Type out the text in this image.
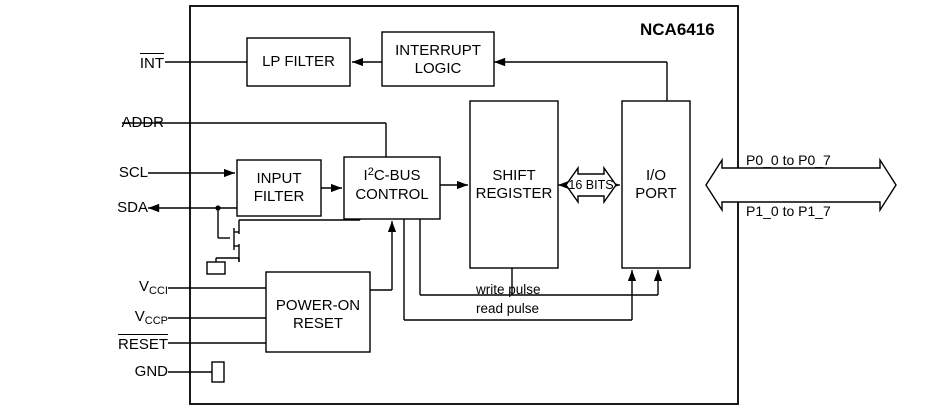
NCA6416
INT
ADDR
SCL
SDA
$V_{CCI}$
$V_{CCP}$
RESET
GND
LP FILTER
INTERRUPT
LOGIC
INPUT
FILTER
$I^2C$-BUS
CONTROL
SHIFT
REGISTER
I/O
PORT
POWER-ON
RESET
16 BITS
write pulse
read pulse
P0_0 to P0_7
P1_0 to P1_7
